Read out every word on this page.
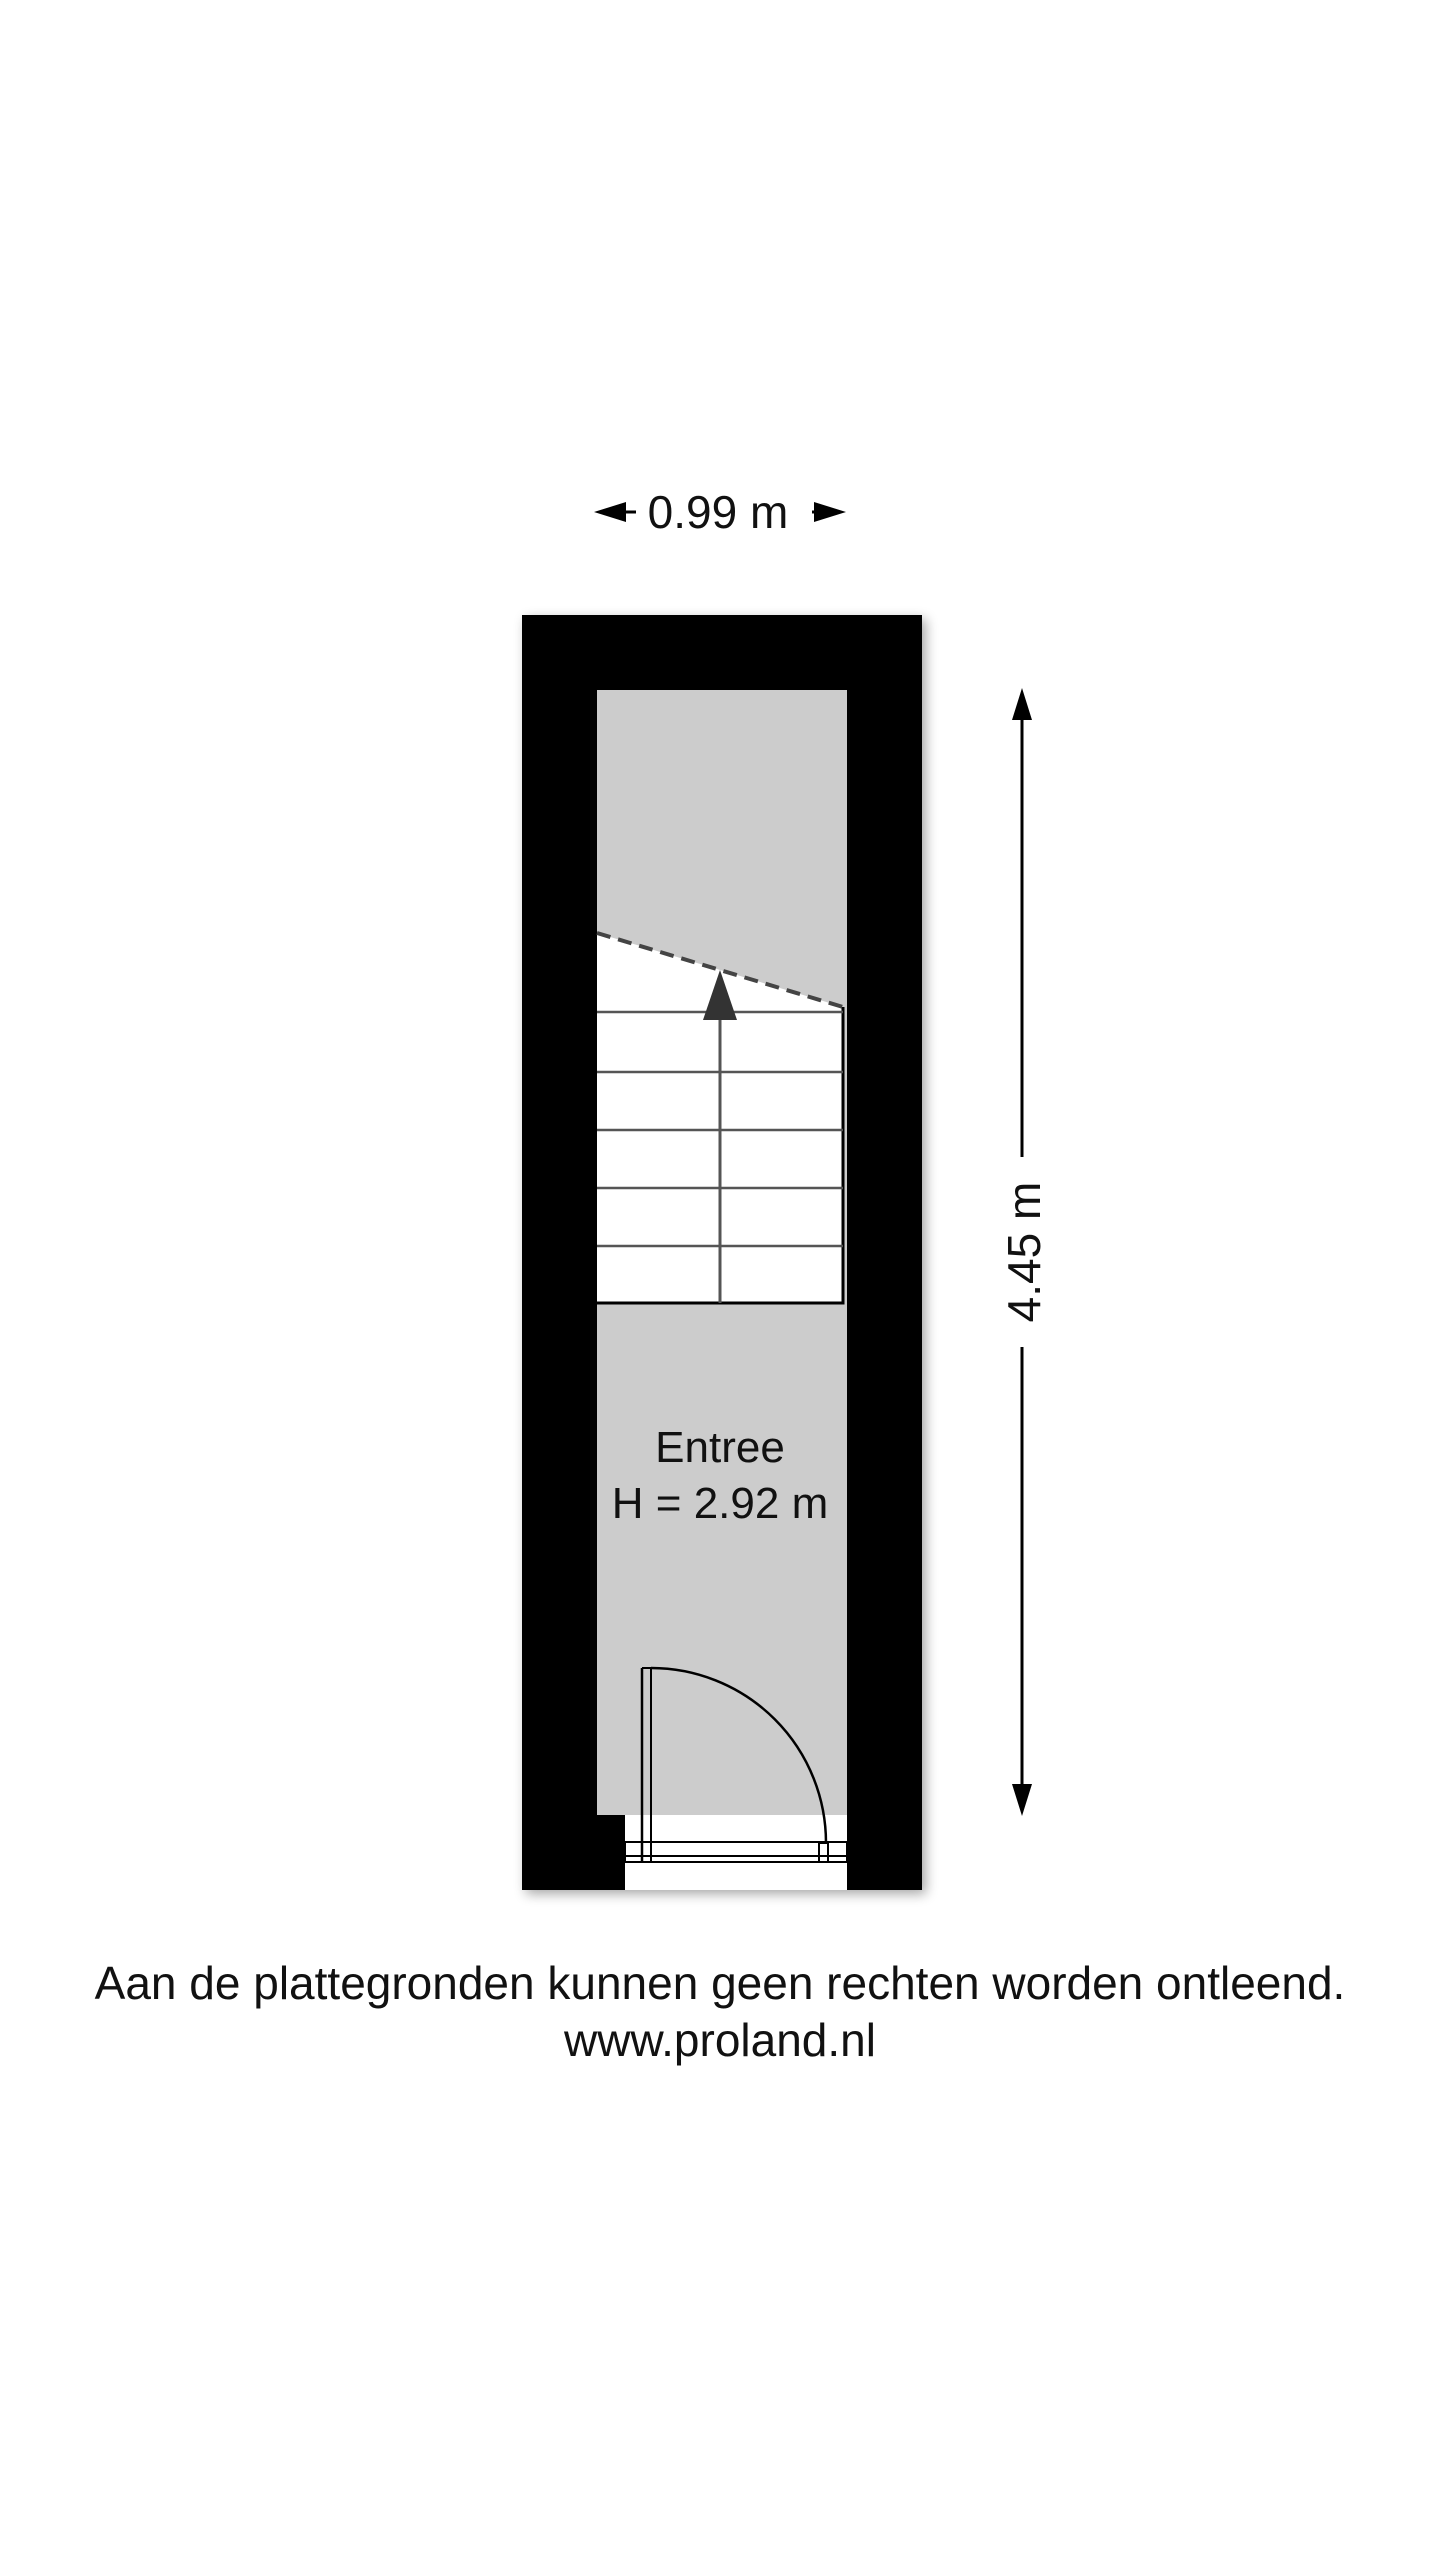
0.99 m
4.45 m
Entree
H = 2.92 m
Aan de plattegronden kunnen geen rechten worden ontleend.
www.proland.nl
